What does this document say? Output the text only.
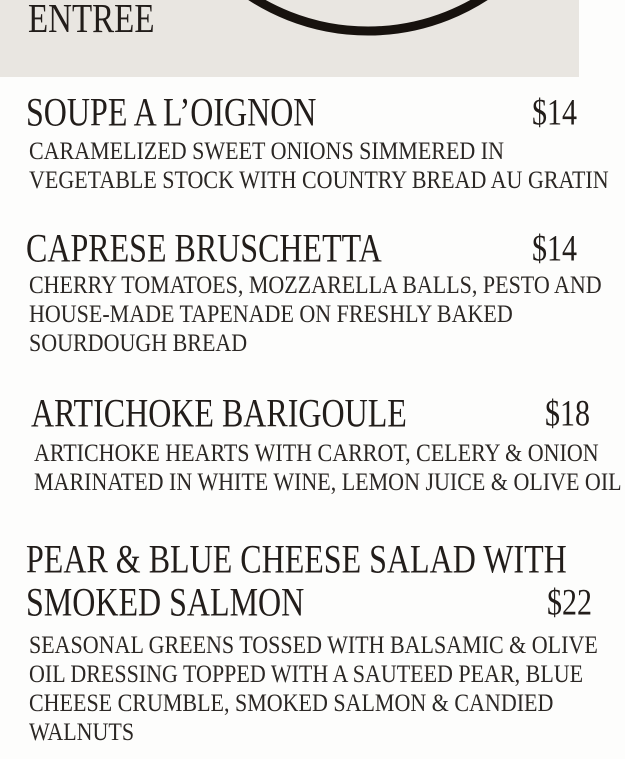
ENTREE
SOUPE A L’OIGNON	$14
CARAMELIZED SWEET ONIONS SIMMERED IN
VEGETABLE STOCK WITH COUNTRY BREAD AU GRATIN
CAPRESE BRUSCHETTA	$14
CHERRY TOMATOES, MOZZARELLA BALLS, PESTO AND
HOUSE-MADE TAPENADE ON FRESHLY BAKED
SOURDOUGH BREAD
ARTICHOKE BARIGOULE	$18
ARTICHOKE HEARTS WITH CARROT, CELERY & ONION
MARINATED IN WHITE WINE, LEMON JUICE & OLIVE OIL
PEAR & BLUE CHEESE SALAD WITH
SMOKED SALMON	$22
SEASONAL GREENS TOSSED WITH BALSAMIC & OLIVE
OIL DRESSING TOPPED WITH A SAUTEED PEAR, BLUE
CHEESE CRUMBLE, SMOKED SALMON & CANDIED
WALNUTS
